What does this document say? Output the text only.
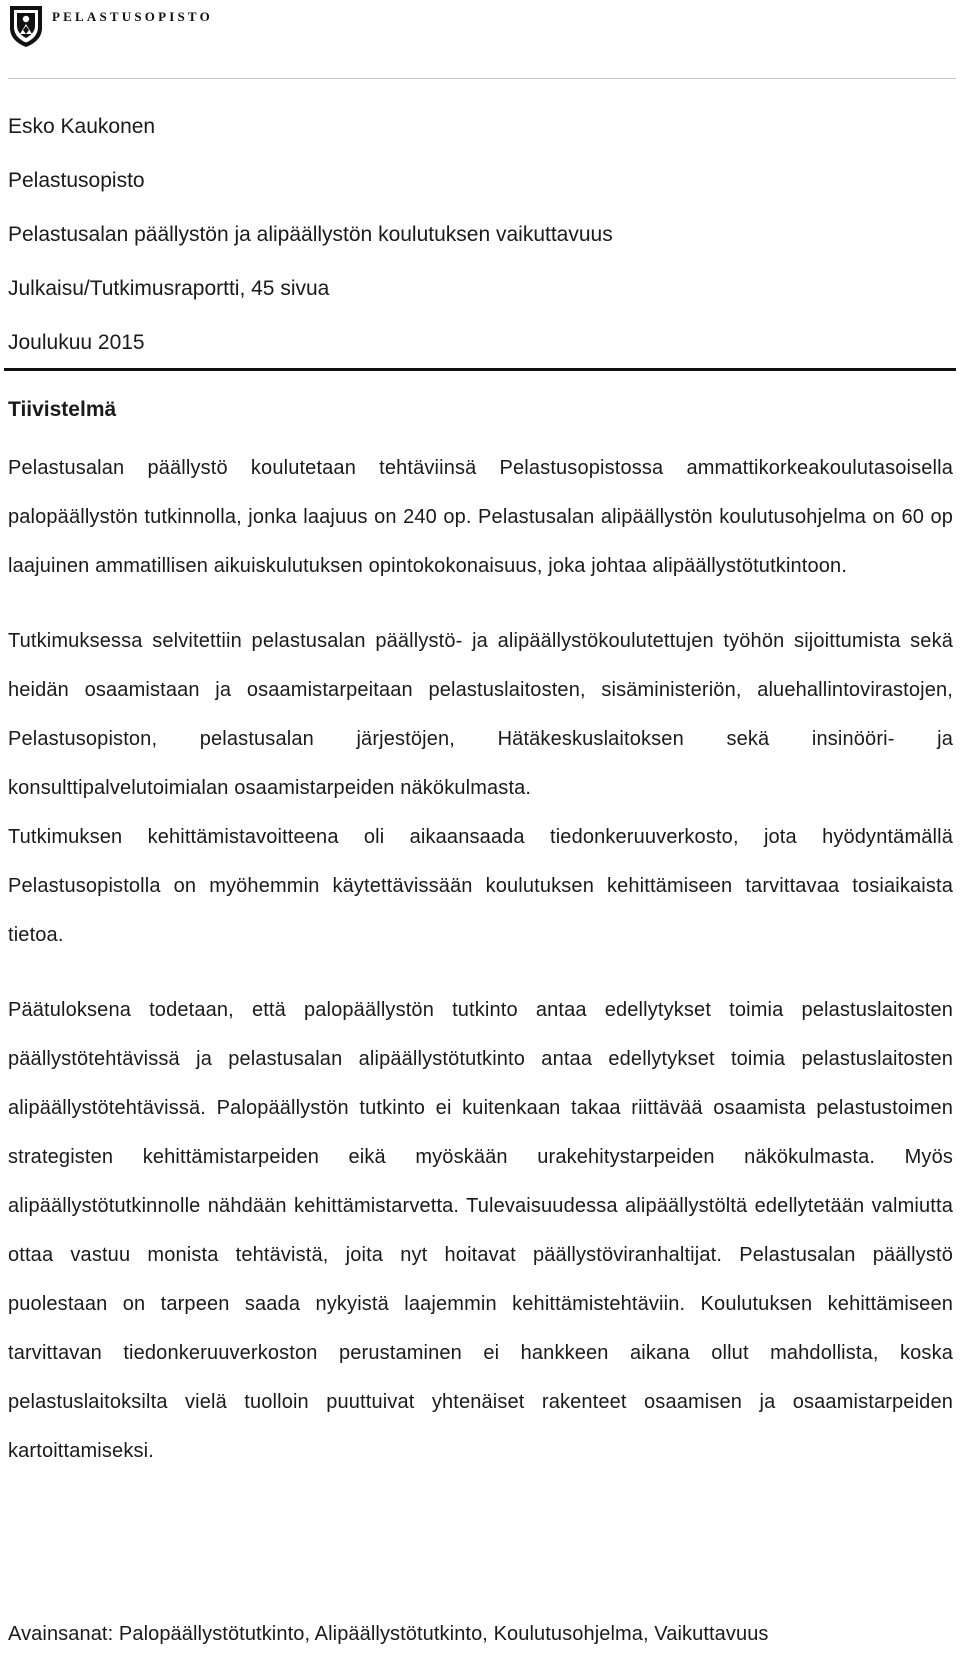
PELASTUSOPISTO
Esko Kaukonen
Pelastusopisto
Pelastusalan päällystön ja alipäällystön koulutuksen vaikuttavuus
Julkaisu/Tutkimusraportti, 45 sivua
Joulukuu 2015
Tiivistelmä

Pelastusalan päällystö koulutetaan tehtäviinsä Pelastusopistossa ammattikorkeakoulutasoisella palopäällystön tutkinnolla, jonka laajuus on 240 op. Pelastusalan alipäällystön koulutusohjelma on 60 op laajuinen ammatillisen aikuiskulutuksen opintokokonaisuus, joka johtaa alipäällystötutkintoon.

Tutkimuksessa selvitettiin pelastusalan päällystö- ja alipäällystökoulutettujen työhön sijoittumista sekä heidän osaamistaan ja osaamistarpeitaan pelastuslaitosten, sisäministeriön, aluehallintovirastojen, Pelastusopiston, pelastusalan järjestöjen, Hätäkeskuslaitoksen sekä insinööri- ja konsulttipalvelutoimialan osaamistarpeiden näkökulmasta.

Tutkimuksen kehittämistavoitteena oli aikaansaada tiedonkeruuverkosto, jota hyödyntämällä Pelastusopistolla on myöhemmin käytettävissään koulutuksen kehittämiseen tarvittavaa tosiaikaista tietoa.

Päätuloksena todetaan, että palopäällystön tutkinto antaa edellytykset toimia pelastuslaitosten päällystötehtävissä ja pelastusalan alipäällystötutkinto antaa edellytykset toimia pelastuslaitosten alipäällystötehtävissä. Palopäällystön tutkinto ei kuitenkaan takaa riittävää osaamista pelastustoimen strategisten kehittämistarpeiden eikä myöskään urakehitystarpeiden näkökulmasta. Myös alipäällystötutkinnolle nähdään kehittämistarvetta. Tulevaisuudessa alipäällystöltä edellytetään valmiutta ottaa vastuu monista tehtävistä, joita nyt hoitavat päällystöviranhaltijat. Pelastusalan päällystö puolestaan on tarpeen saada nykyistä laajemmin kehittämistehtäviin. Koulutuksen kehittämiseen tarvittavan tiedonkeruuverkoston perustaminen ei hankkeen aikana ollut mahdollista, koska pelastuslaitoksilta vielä tuolloin puuttuivat yhtenäiset rakenteet osaamisen ja osaamistarpeiden kartoittamiseksi.

Avainsanat: Palopäällystötutkinto, Alipäällystötutkinto, Koulutusohjelma, Vaikuttavuus
